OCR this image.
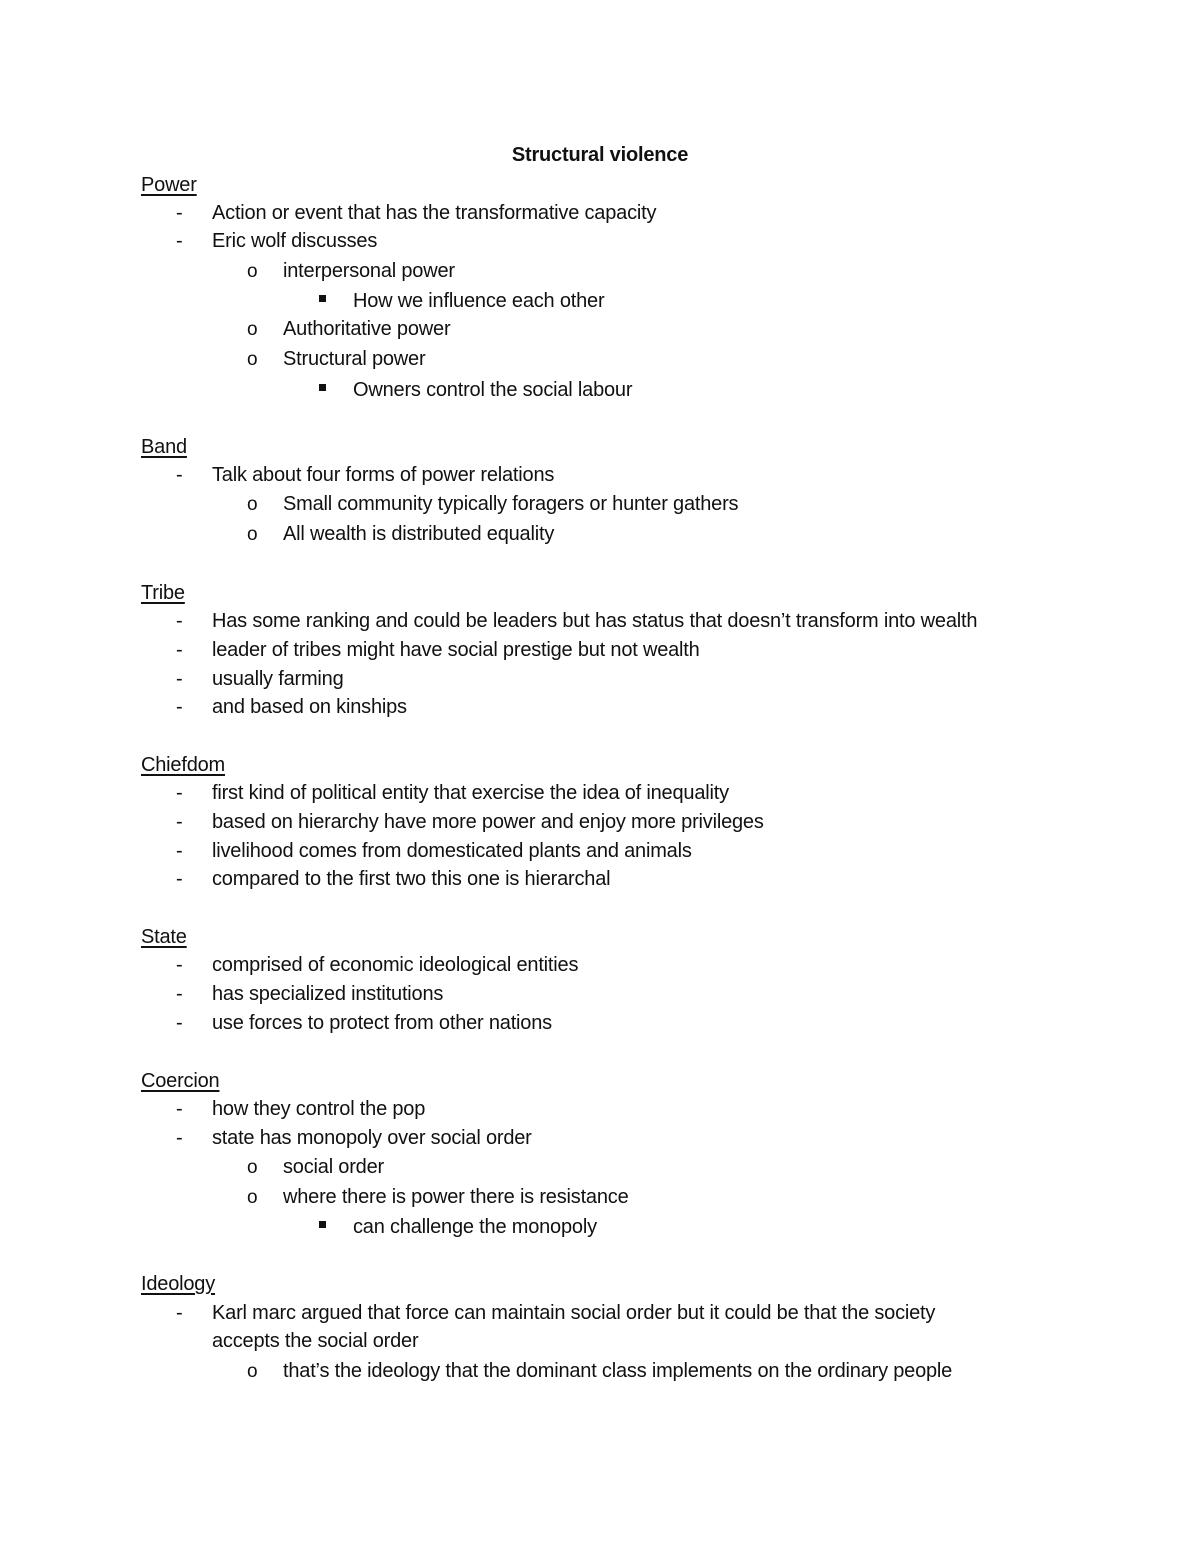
Structural violence
Power
- Action or event that has the transformative capacity
- Eric wolf discusses
o interpersonal power
How we influence each other
o Authoritative power
o Structural power
Owners control the social labour
Band
- Talk about four forms of power relations
o Small community typically foragers or hunter gathers
o All wealth is distributed equality
Tribe
- Has some ranking and could be leaders but has status that doesn’t transform into wealth
- leader of tribes might have social prestige but not wealth
- usually farming
- and based on kinships
Chiefdom
- first kind of political entity that exercise the idea of inequality
- based on hierarchy have more power and enjoy more privileges
- livelihood comes from domesticated plants and animals
- compared to the first two this one is hierarchal
State
- comprised of economic ideological entities
- has specialized institutions
- use forces to protect from other nations
Coercion
- how they control the pop
- state has monopoly over social order
o social order
o where there is power there is resistance
can challenge the monopoly
Ideology
- Karl marc argued that force can maintain social order but it could be that the society
accepts the social order
o that’s the ideology that the dominant class implements on the ordinary people
